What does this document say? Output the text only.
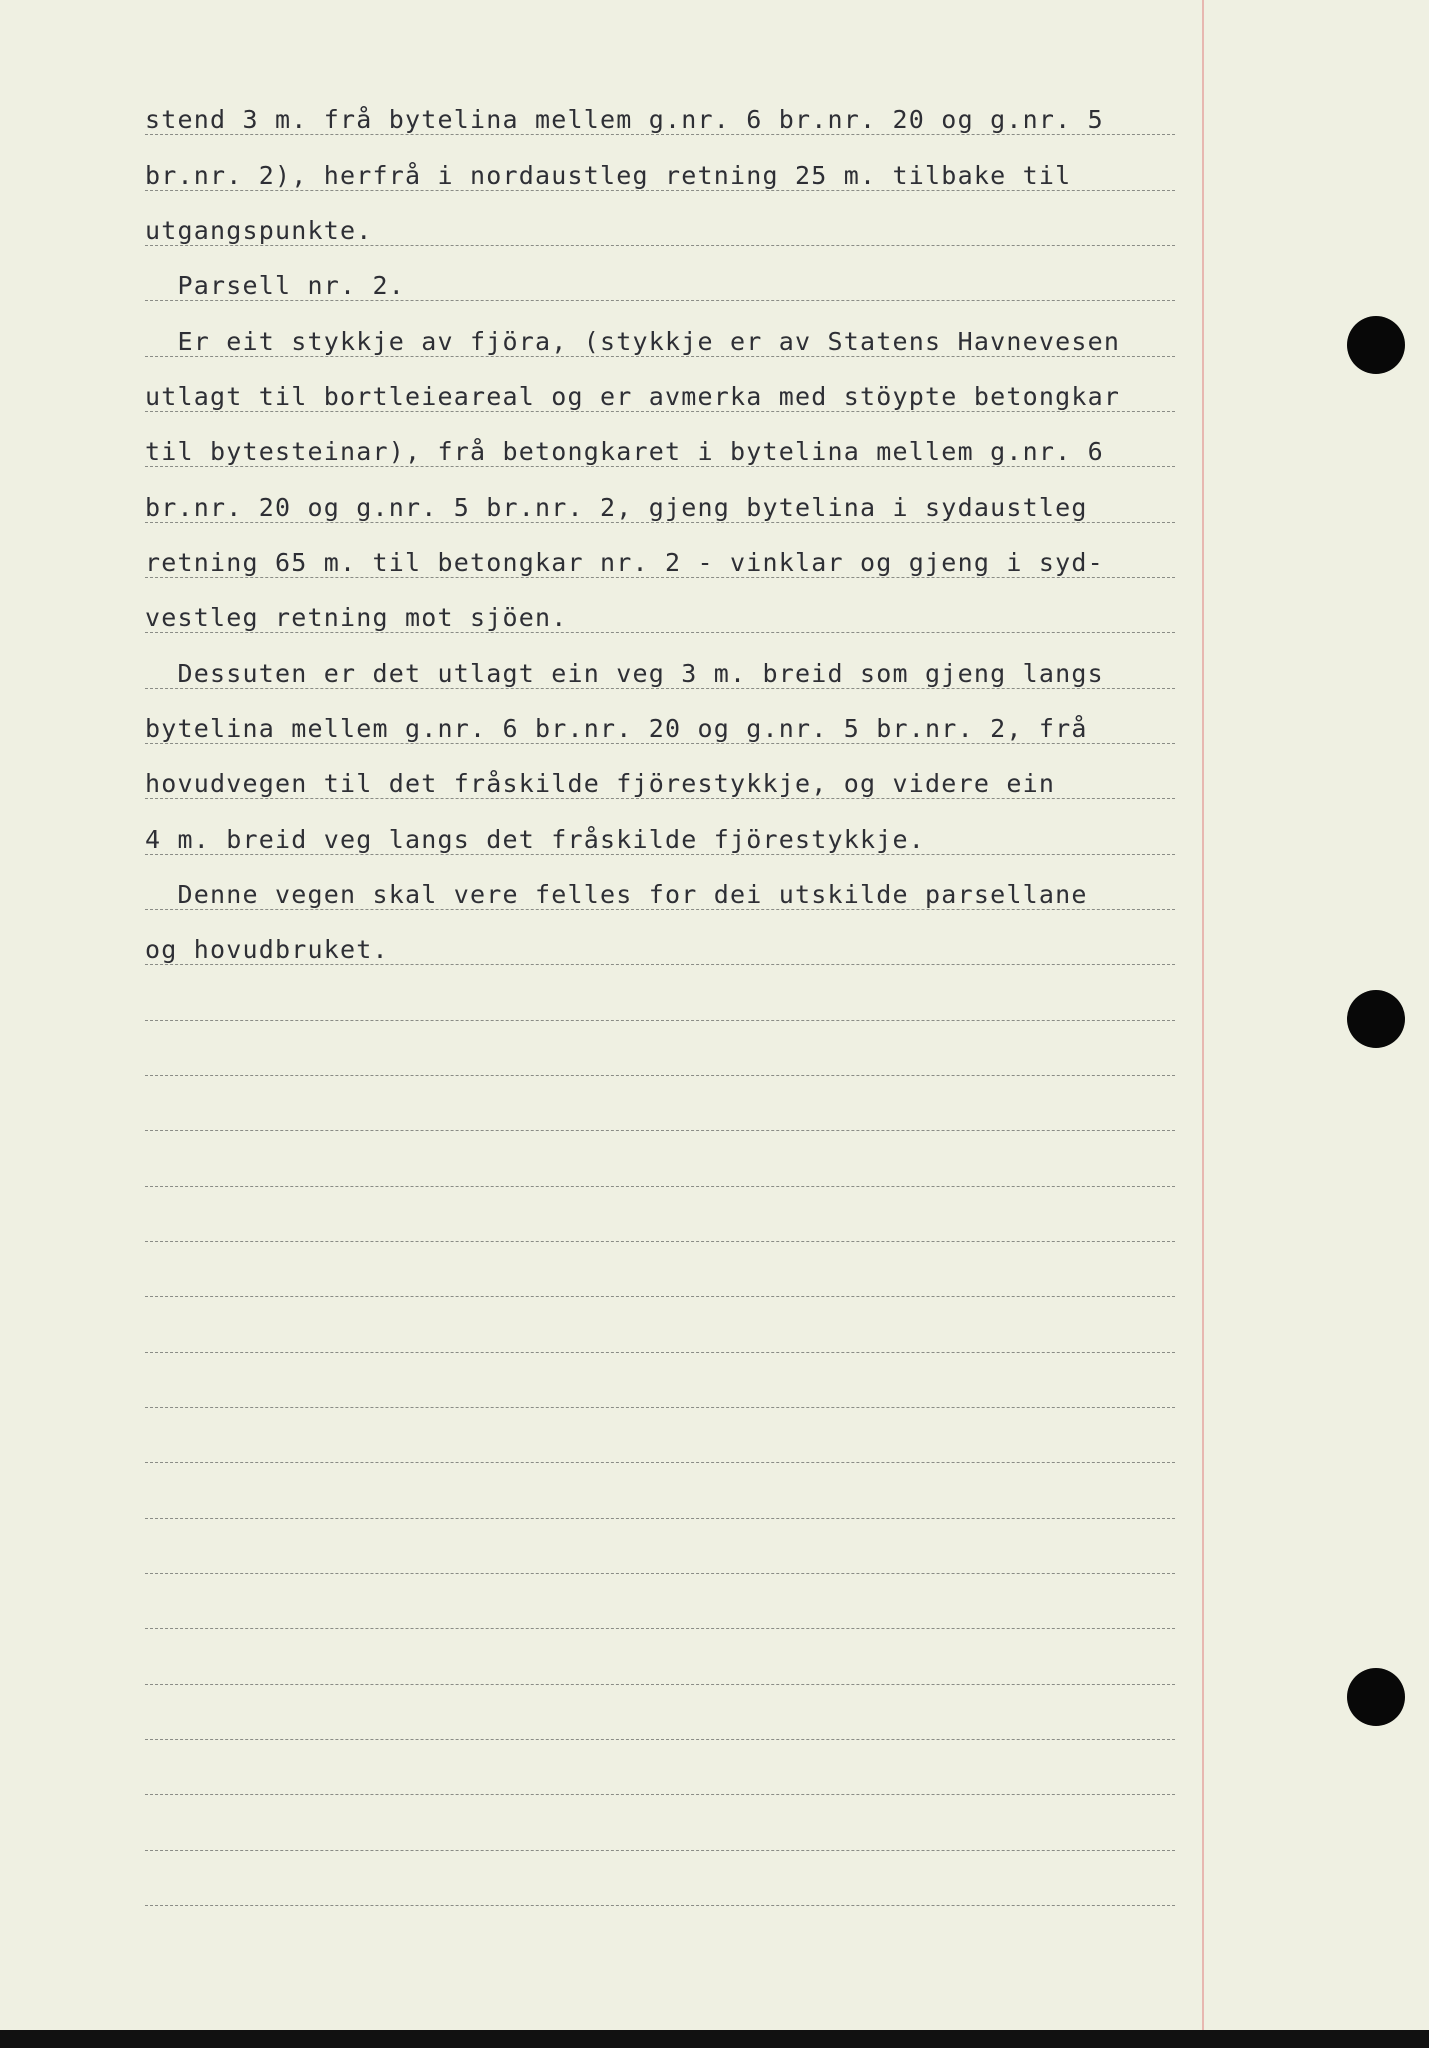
stend 3 m. frå bytelina mellem g.nr. 6 br.nr. 20 og g.nr. 5
br.nr. 2), herfrå i nordaustleg retning 25 m. tilbake til
utgangspunkte.
Parsell nr. 2.
Er eit stykkje av fjöra, (stykkje er av Statens Havnevesen
utlagt til bortleieareal og er avmerka med stöypte betongkar
til bytesteinar), frå betongkaret i bytelina mellem g.nr. 6
br.nr. 20 og g.nr. 5 br.nr. 2, gjeng bytelina i sydaustleg
retning 65 m. til betongkar nr. 2 - vinklar og gjeng i syd-
vestleg retning mot sjöen.
Dessuten er det utlagt ein veg 3 m. breid som gjeng langs
bytelina mellem g.nr. 6 br.nr. 20 og g.nr. 5 br.nr. 2, frå
hovudvegen til det fråskilde fjörestykkje, og videre ein
4 m. breid veg langs det fråskilde fjörestykkje.
Denne vegen skal vere felles for dei utskilde parsellane
og hovudbruket.
